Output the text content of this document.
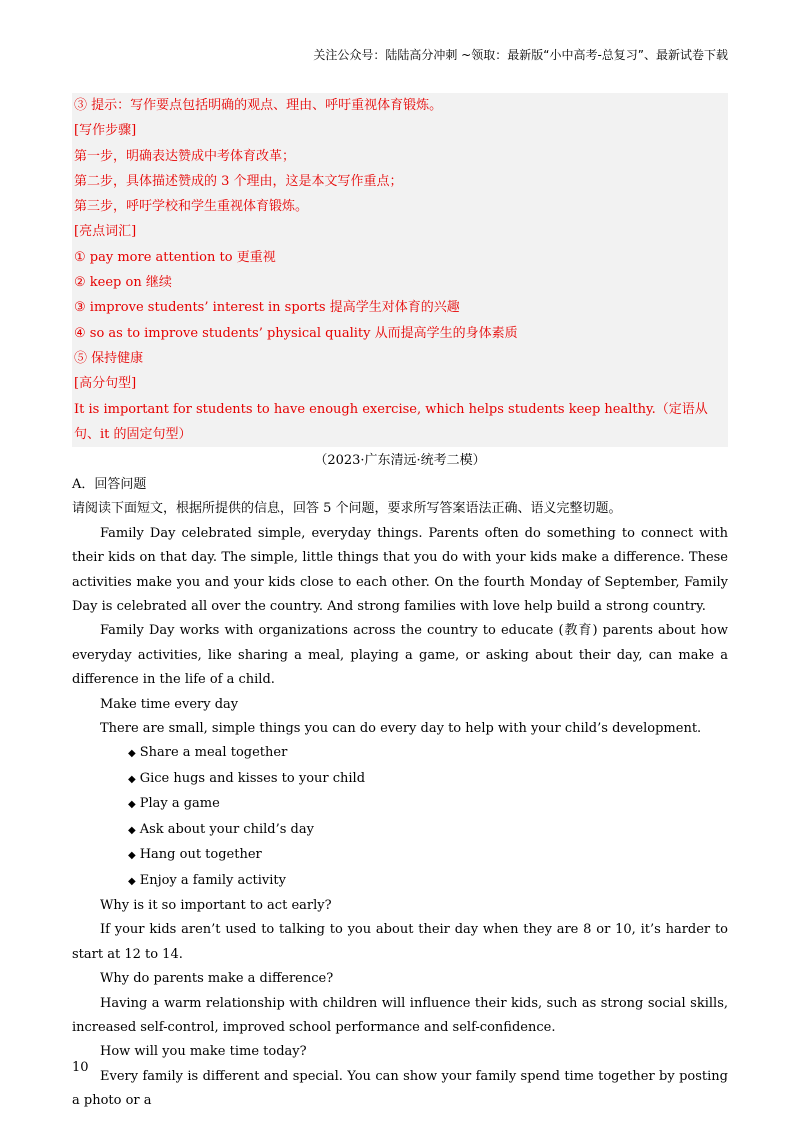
关注公众号：陆陆高分冲刺 ~领取：最新版“小中高考-总复习”、最新试卷下载
③ 提示：写作要点包括明确的观点、理由、呼吁重视体育锻炼。
[写作步骤]
第一步，明确表达赞成中考体育改革；
第二步，具体描述赞成的 3 个理由，这是本文写作重点；
第三步，呼吁学校和学生重视体育锻炼。
[亮点词汇]
① pay more attention to 更重视
② keep on 继续
③ improve students’ interest in sports 提高学生对体育的兴趣
④ so as to improve students’ physical quality 从而提高学生的身体素质
⑤ 保持健康
[高分句型]
It is important for students to have enough exercise, which helps students keep healthy.（定语从句、it 的固定句型）
（2023·广东清远·统考二模）

A．回答问题

请阅读下面短文，根据所提供的信息，回答 5 个问题，要求所写答案语法正确、语义完整切题。

Family Day celebrated simple, everyday things. Parents often do something to connect with their kids on that day. The simple, little things that you do with your kids make a difference. These activities make you and your kids close to each other. On the fourth Monday of September, Family Day is celebrated all over the country. And strong families with love help build a strong country.

Family Day works with organizations across the country to educate (教育) parents about how everyday activities, like sharing a meal, playing a game, or asking about their day, can make a difference in the life of a child.

Make time every day

There are small, simple things you can do every day to help with your child’s development.

◆ Share a meal together

◆ Gice hugs and kisses to your child

◆ Play a game

◆ Ask about your child’s day

◆ Hang out together

◆ Enjoy a family activity

Why is it so important to act early?

If your kids aren’t used to talking to you about their day when they are 8 or 10, it’s harder to start at 12 to 14.

Why do parents make a difference?

Having a warm relationship with children will influence their kids, such as strong social skills, increased self-control, improved school performance and self-confidence.

How will you make time today?

Every family is different and special. You can show your family spend time together by posting a photo or a

10
